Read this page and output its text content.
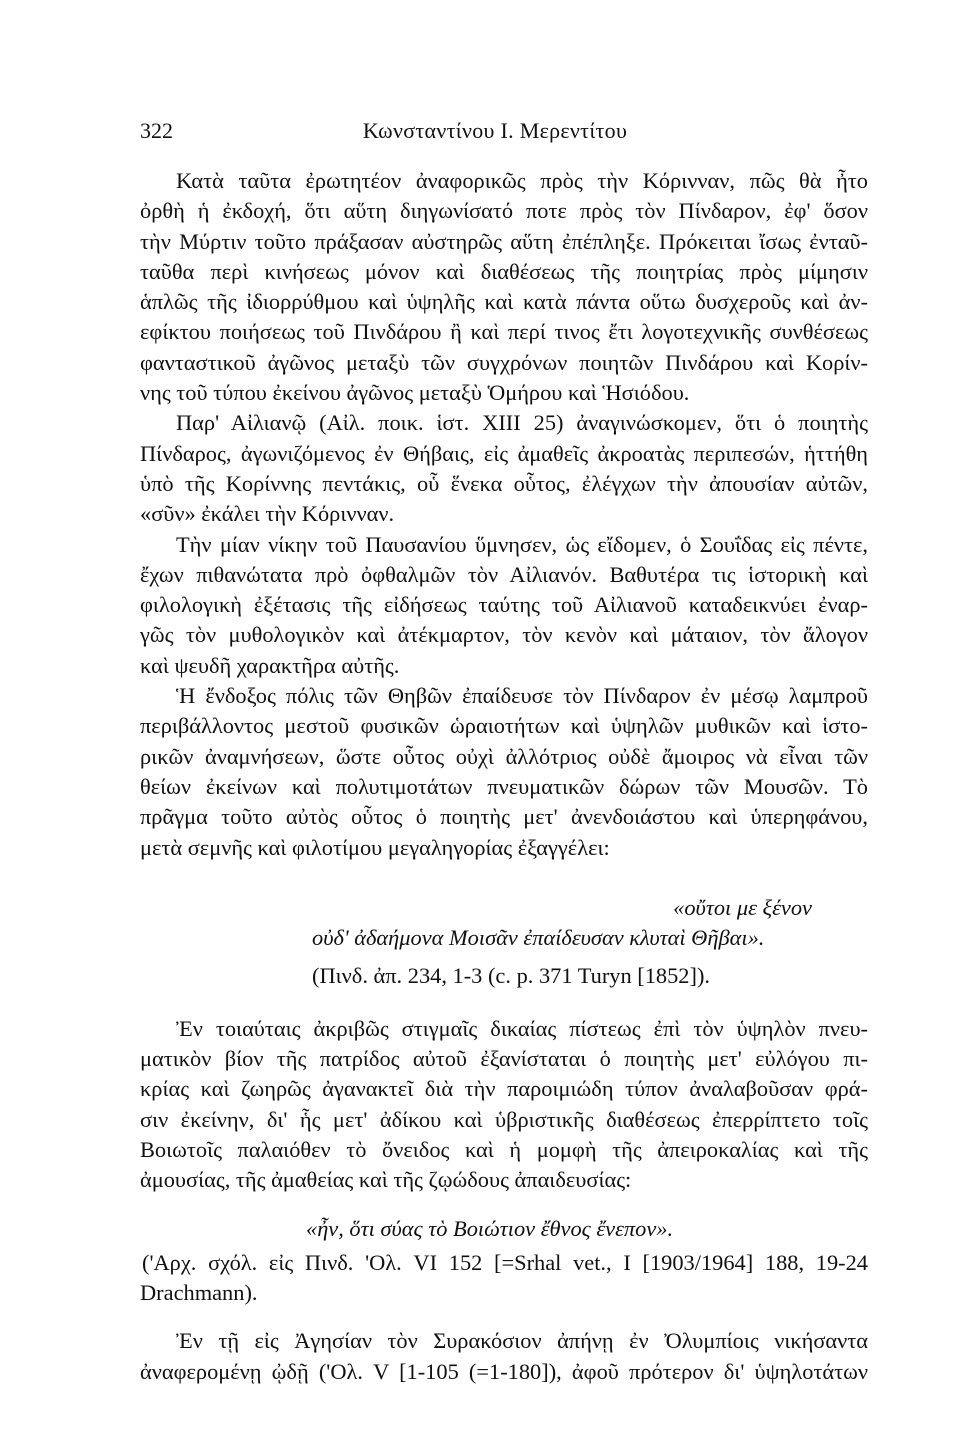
322	Κωνσταντίνου Ι. Μερεντίτου
Κατὰ ταῦτα ἐρωτητέον ἀναφορικῶς πρὸς τὴν Κόρινναν, πῶς θὰ ἦτο
ὀρθὴ ἡ ἐκδοχή, ὅτι αὕτη διηγωνίσατό ποτε πρὸς τὸν Πίνδαρον, ἐφ' ὅσον
τὴν Μύρτιν τοῦτο πράξασαν αὐστηρῶς αὕτη ἐπέπληξε. Πρόκειται ἴσως ἐνταῦ-
ταῦθα περὶ κινήσεως μόνον καὶ διαθέσεως τῆς ποιητρίας πρὸς μίμησιν
ἁπλῶς τῆς ἰδιορρύθμου καὶ ὑψηλῆς καὶ κατὰ πάντα οὕτω δυσχεροῦς καὶ ἀν-
εφίκτου ποιήσεως τοῦ Πινδάρου ἢ καὶ περί τινος ἔτι λογοτεχνικῆς συνθέσεως
φανταστικοῦ ἀγῶνος μεταξὺ τῶν συγχρόνων ποιητῶν Πινδάρου καὶ Κορίν-
νης τοῦ τύπου ἐκείνου ἀγῶνος μεταξὺ Ὁμήρου καὶ Ἡσιόδου.
Παρ' Αἰλιανῷ (Αἰλ. ποικ. ἱστ. XIII 25) ἀναγινώσκομεν, ὅτι ὁ ποιητὴς
Πίνδαρος, ἀγωνιζόμενος ἐν Θήβαις, εἰς ἀμαθεῖς ἀκροατὰς περιπεσών, ἡττήθη
ὑπὸ τῆς Κορίννης πεντάκις, οὗ ἕνεκα οὗτος, ἐλέγχων τὴν ἀπουσίαν αὐτῶν,
«σῦν» ἐκάλει τὴν Κόρινναν.
Τὴν μίαν νίκην τοῦ Παυσανίου ὕμνησεν, ὡς εἴδομεν, ὁ Σουΐδας εἰς πέντε,
ἔχων πιθανώτατα πρὸ ὀφθαλμῶν τὸν Αἰλιανόν. Βαθυτέρα τις ἱστορικὴ καὶ
φιλολογικὴ ἐξέτασις τῆς εἰδήσεως ταύτης τοῦ Αἰλιανοῦ καταδεικνύει ἐναρ-
γῶς τὸν μυθολογικὸν καὶ ἀτέκμαρτον, τὸν κενὸν καὶ μάταιον, τὸν ἄλογον
καὶ ψευδῆ χαρακτῆρα αὐτῆς.
Ἡ ἔνδοξος πόλις τῶν Θηβῶν ἐπαίδευσε τὸν Πίνδαρον ἐν μέσῳ λαμπροῦ
περιβάλλοντος μεστοῦ φυσικῶν ὡραιοτήτων καὶ ὑψηλῶν μυθικῶν καὶ ἱστο-
ρικῶν ἀναμνήσεων, ὥστε οὗτος οὐχὶ ἀλλότριος οὐδὲ ἄμοιρος νὰ εἶναι τῶν
θείων ἐκείνων καὶ πολυτιμοτάτων πνευματικῶν δώρων τῶν Μουσῶν. Τὸ
πρᾶγμα τοῦτο αὐτὸς οὗτος ὁ ποιητὴς μετ' ἀνενδοιάστου καὶ ὑπερηφάνου,
μετὰ σεμνῆς καὶ φιλοτίμου μεγαληγορίας ἐξαγγέλει:
«οὔτοι με ξένον
οὐδ' ἀδαήμονα Μοισᾶν ἐπαίδευσαν κλυταὶ Θῆβαι».
(Πινδ. ἀπ. 234, 1-3 (c. p. 371 Turyn [1852]).
Ἐν τοιαύταις ἀκριβῶς στιγμαῖς δικαίας πίστεως ἐπὶ τὸν ὑψηλὸν πνευ-
ματικὸν βίον τῆς πατρίδος αὐτοῦ ἐξανίσταται ὁ ποιητὴς μετ' εὐλόγου πι-
κρίας καὶ ζωηρῶς ἀγανακτεῖ διὰ τὴν παροιμιώδη τύπον ἀναλαβοῦσαν φρά-
σιν ἐκείνην, δι' ἧς μετ' ἀδίκου καὶ ὑβριστικῆς διαθέσεως ἐπερρίπτετο τοῖς
Βοιωτοῖς παλαιόθεν τὸ ὄνειδος καὶ ἡ μομφὴ τῆς ἀπειροκαλίας καὶ τῆς
ἀμουσίας, τῆς ἀμαθείας καὶ τῆς ζῳώδους ἀπαιδευσίας:
«ἦν, ὅτι σύας τὸ Βοιώτιον ἔθνος ἔνεπον».
('Αρχ. σχόλ. εἰς Πινδ. 'Ολ. VI 152 [=Srhal vet., I [1903/1964] 188, 19-24
Drachmann).
Ἐν τῇ εἰς Ἀγησίαν τὸν Συρακόσιον ἀπήνῃ ἐν Ὀλυμπίοις νικήσαντα
ἀναφερομένῃ ᾠδῇ ('Ολ. V [1-105 (=1-180]), ἀφοῦ πρότερον δι' ὑψηλοτάτων
